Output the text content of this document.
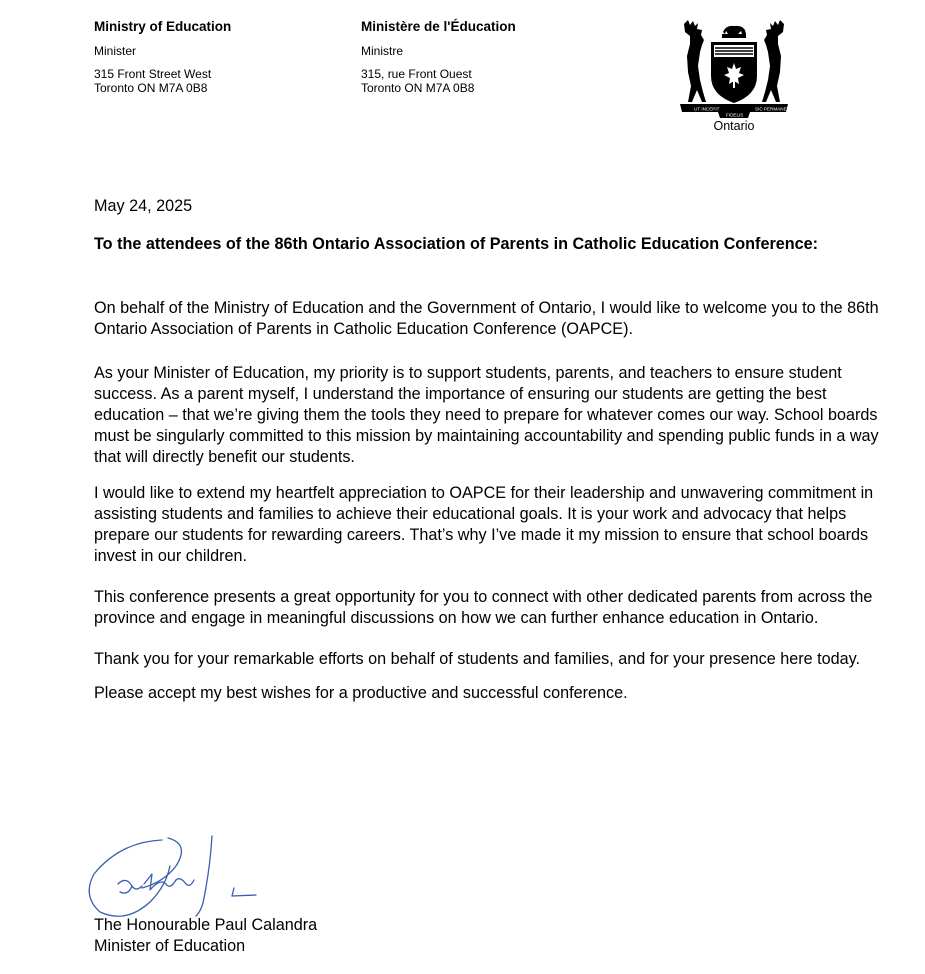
Ministry of Education
Minister
315 Front Street West
Toronto ON M7A 0B8
Ministère de l'Éducation
Ministre
315, rue Front Ouest
Toronto ON M7A 0B8
UT INCEPIT
FIDELIS
SIC PERMANET
Ontario

May 24, 2025

To the attendees of the 86th Ontario Association of Parents in Catholic Education Conference:

On behalf of the Ministry of Education and the Government of Ontario, I would like to welcome you to the 86th Ontario Association of Parents in Catholic Education Conference (OAPCE).

As your Minister of Education, my priority is to support students, parents, and teachers to ensure student success. As a parent myself, I understand the importance of ensuring our students are getting the best education – that we’re giving them the tools they need to prepare for whatever comes our way. School boards must be singularly committed to this mission by maintaining accountability and spending public funds in a way that will directly benefit our students.

I would like to extend my heartfelt appreciation to OAPCE for their leadership and unwavering commitment in assisting students and families to achieve their educational goals. It is your work and advocacy that helps prepare our students for rewarding careers. That’s why I’ve made it my mission to ensure that school boards invest in our children.

This conference presents a great opportunity for you to connect with other dedicated parents from across the province and engage in meaningful discussions on how we can further enhance education in Ontario.

Thank you for your remarkable efforts on behalf of students and families, and for your presence here today.

Please accept my best wishes for a productive and successful conference.

The Honourable Paul Calandra
Minister of Education
